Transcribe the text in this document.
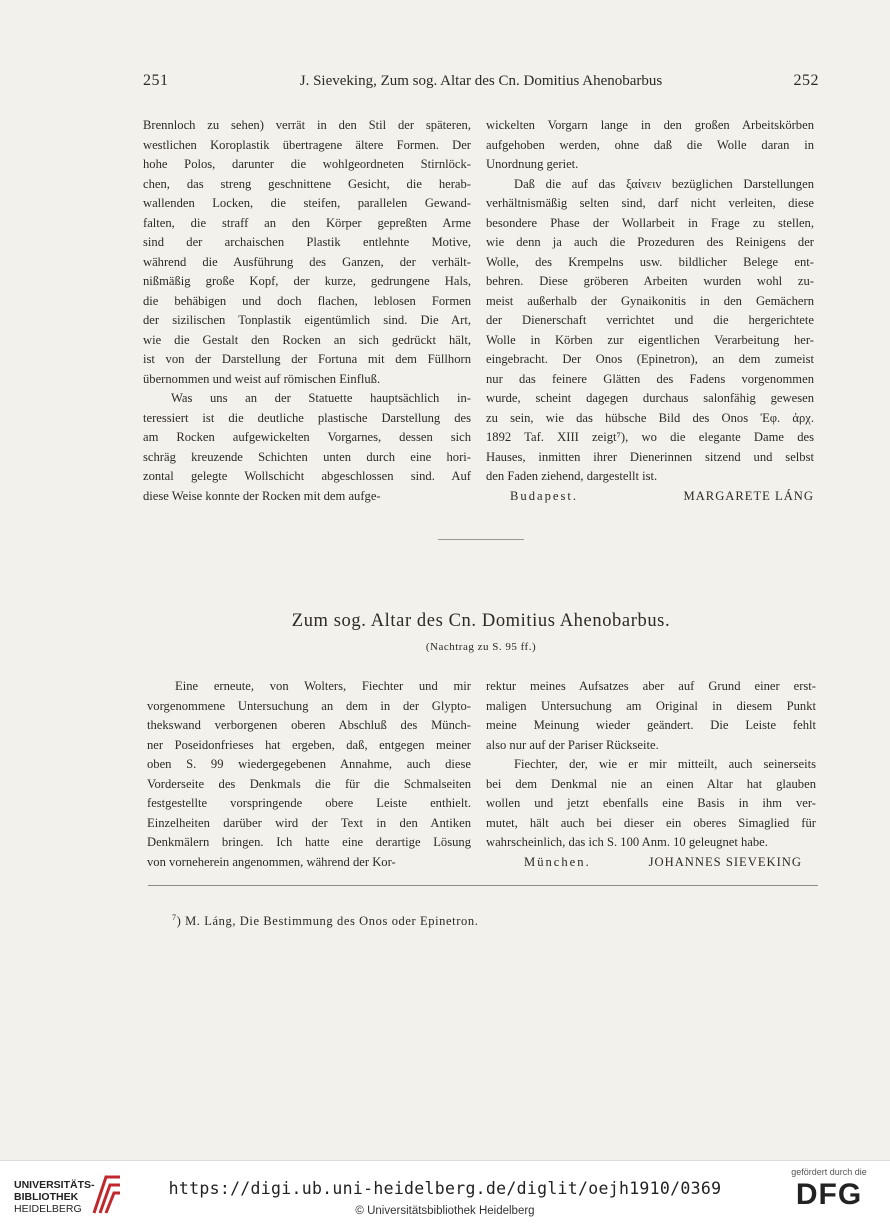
251	J. Sieveking, Zum sog. Altar des Cn. Domitius Ahenobarbus	252
Brennloch zu sehen) verrät in den Stil der späteren,
westlichen Koroplastik übertragene ältere Formen. Der
hohe Polos, darunter die wohlgeordneten Stirnlöck-
chen, das streng geschnittene Gesicht, die herab-
wallenden Locken, die steifen, parallelen Gewand-
falten, die straff an den Körper gepreßten Arme
sind der archaischen Plastik entlehnte Motive,
während die Ausführung des Ganzen, der verhält-
nißmäßig große Kopf, der kurze, gedrungene Hals,
die behäbigen und doch flachen, leblosen Formen
der sizilischen Tonplastik eigentümlich sind. Die Art,
wie die Gestalt den Rocken an sich gedrückt hält,
ist von der Darstellung der Fortuna mit dem Füllhorn
übernommen und weist auf römischen Einfluß.
Was uns an der Statuette hauptsächlich in-
teressiert ist die deutliche plastische Darstellung des
am Rocken aufgewickelten Vorgarnes, dessen sich
schräg kreuzende Schichten unten durch eine hori-
zontal gelegte Wollschicht abgeschlossen sind. Auf
diese Weise konnte der Rocken mit dem aufge-
wickelten Vorgarn lange in den großen Arbeitskörben
aufgehoben werden, ohne daß die Wolle daran in
Unordnung geriet.
Daß die auf das ξαίνειν bezüglichen Darstellungen
verhältnismäßig selten sind, darf nicht verleiten, diese
besondere Phase der Wollarbeit in Frage zu stellen,
wie denn ja auch die Prozeduren des Reinigens der
Wolle, des Krempelns usw. bildlicher Belege ent-
behren. Diese gröberen Arbeiten wurden wohl zu-
meist außerhalb der Gynaikonitis in den Gemächern
der Dienerschaft verrichtet und die hergerichtete
Wolle in Körben zur eigentlichen Verarbeitung her-
eingebracht. Der Onos (Epinetron), an dem zumeist
nur das feinere Glätten des Fadens vorgenommen
wurde, scheint dagegen durchaus salonfähig gewesen
zu sein, wie das hübsche Bild des Onos Ἐφ. ἀρχ.
1892 Taf. XIII zeigt⁷), wo die elegante Dame des
Hauses, inmitten ihrer Dienerinnen sitzend und selbst
den Faden ziehend, dargestellt ist.
Budapest.	MARGARETE LÁNG
Zum sog. Altar des Cn. Domitius Ahenobarbus.
(Nachtrag zu S. 95 ff.)
Eine erneute, von Wolters, Fiechter und mir
vorgenommene Untersuchung an dem in der Glypto-
thekswand verborgenen oberen Abschluß des Münch-
ner Poseidonfrieses hat ergeben, daß, entgegen meiner
oben S. 99 wiedergegebenen Annahme, auch diese
Vorderseite des Denkmals die für die Schmalseiten
festgestellte vorspringende obere Leiste enthielt.
Einzelheiten darüber wird der Text in den Antiken
Denkmälern bringen. Ich hatte eine derartige Lösung
von vorneherein angenommen, während der Kor-
rektur meines Aufsatzes aber auf Grund einer erst-
maligen Untersuchung am Original in diesem Punkt
meine Meinung wieder geändert. Die Leiste fehlt
also nur auf der Pariser Rückseite.
Fiechter, der, wie er mir mitteilt, auch seinerseits
bei dem Denkmal nie an einen Altar hat glauben
wollen und jetzt ebenfalls eine Basis in ihm ver-
mutet, hält auch bei dieser ein oberes Simaglied für
wahrscheinlich, das ich S. 100 Anm. 10 geleugnet habe.
München.	JOHANNES SIEVEKING
$^7$) M. Láng, Die Bestimmung des Onos oder Epinetron.
UNIVERSITÄTS-
BIBLIOTHEK
HEIDELBERG
https://digi.ub.uni-heidelberg.de/diglit/oejh1910/0369
© Universitätsbibliothek Heidelberg
gefördert durch die
DFG
